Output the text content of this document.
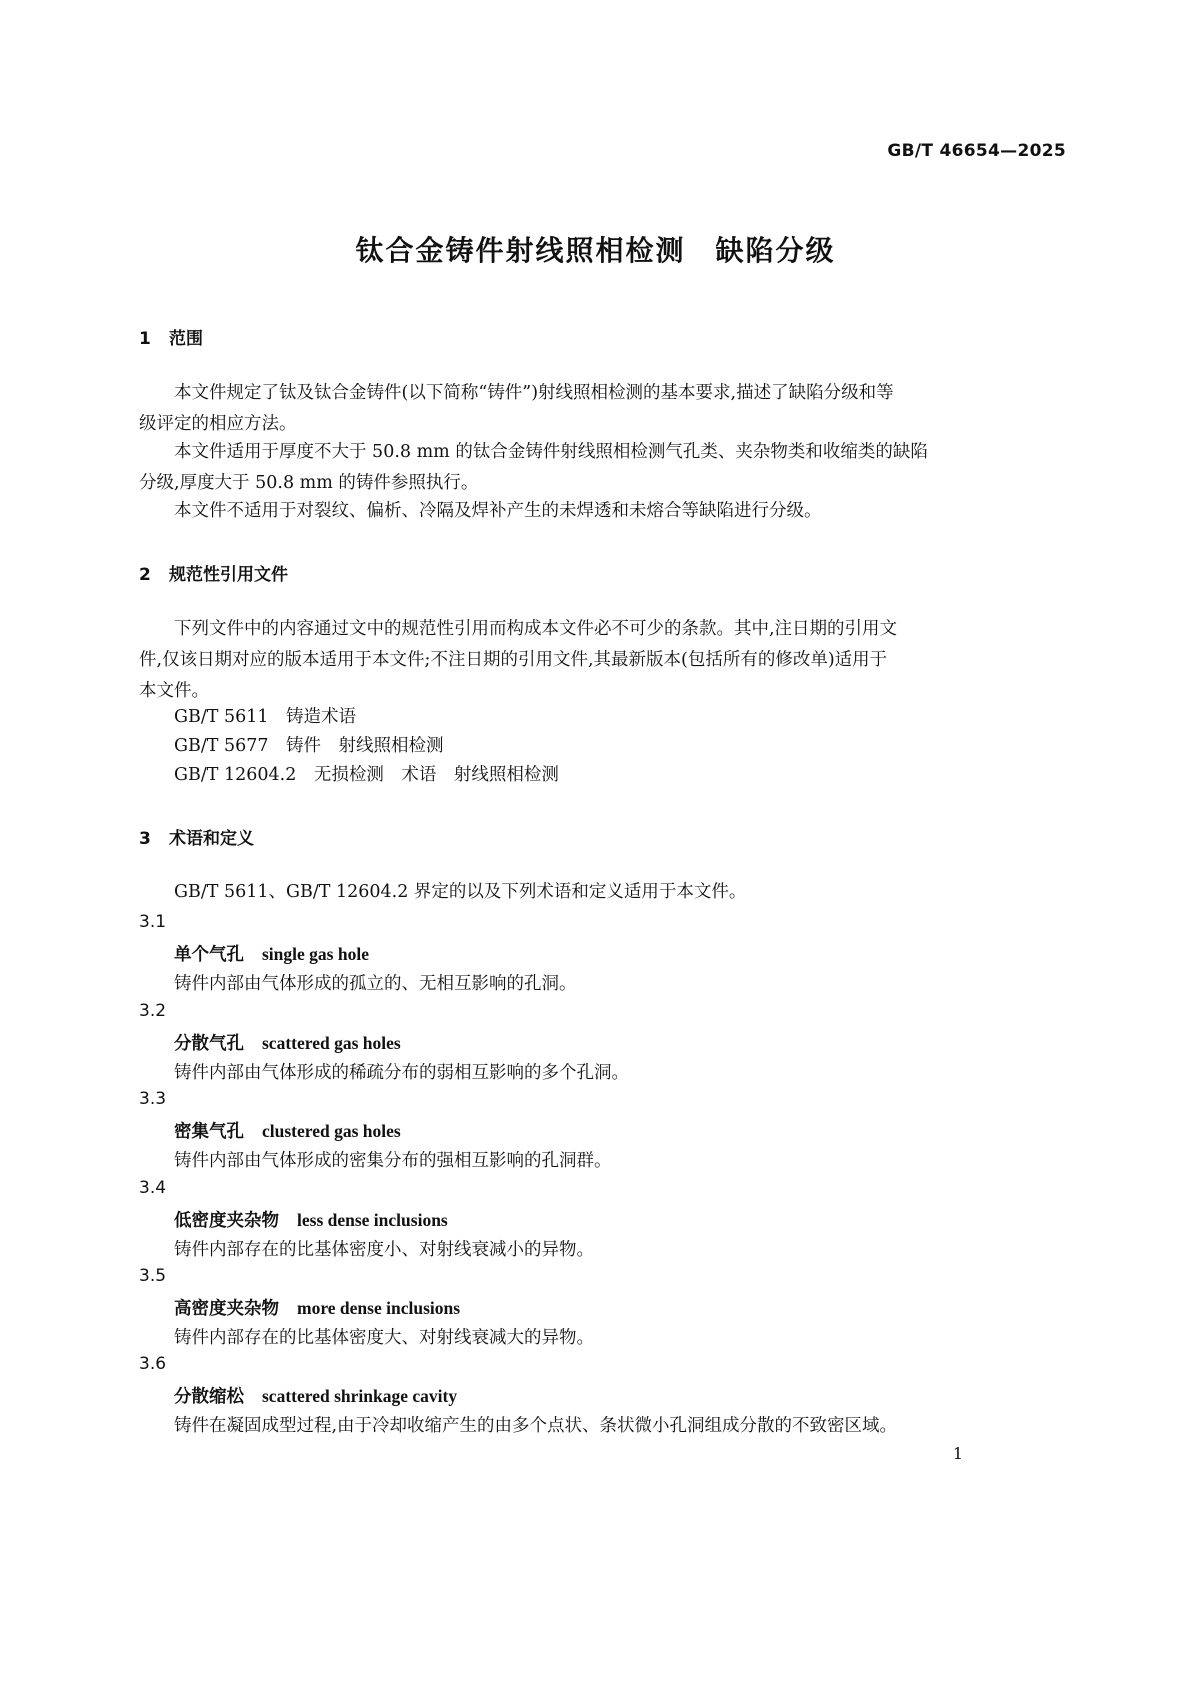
GB/T 46654—2025
钛合金铸件射线照相检测　缺陷分级
1 范围

本文件规定了钛及钛合金铸件(以下简称“铸件”)射线照相检测的基本要求,描述了缺陷分级和等
级评定的相应方法。

本文件适用于厚度不大于 50.8 mm 的钛合金铸件射线照相检测气孔类、夹杂物类和收缩类的缺陷
分级,厚度大于 50.8 mm 的铸件参照执行。

本文件不适用于对裂纹、偏析、冷隔及焊补产生的未焊透和未熔合等缺陷进行分级。

2 规范性引用文件

下列文件中的内容通过文中的规范性引用而构成本文件必不可少的条款。其中,注日期的引用文
件,仅该日期对应的版本适用于本文件;不注日期的引用文件,其最新版本(包括所有的修改单)适用于
本文件。

GB/T 5611　铸造术语
GB/T 5677　铸件　射线照相检测
GB/T 12604.2　无损检测　术语　射线照相检测
3 术语和定义

GB/T 5611、GB/T 12604.2 界定的以及下列术语和定义适用于本文件。

3.1
单个气孔 single gas hole
铸件内部由气体形成的孤立的、无相互影响的孔洞。
3.2
分散气孔 scattered gas holes
铸件内部由气体形成的稀疏分布的弱相互影响的多个孔洞。
3.3
密集气孔 clustered gas holes
铸件内部由气体形成的密集分布的强相互影响的孔洞群。
3.4
低密度夹杂物 less dense inclusions
铸件内部存在的比基体密度小、对射线衰减小的异物。
3.5
高密度夹杂物 more dense inclusions
铸件内部存在的比基体密度大、对射线衰减大的异物。
3.6
分散缩松 scattered shrinkage cavity
铸件在凝固成型过程,由于冷却收缩产生的由多个点状、条状微小孔洞组成分散的不致密区域。
1
